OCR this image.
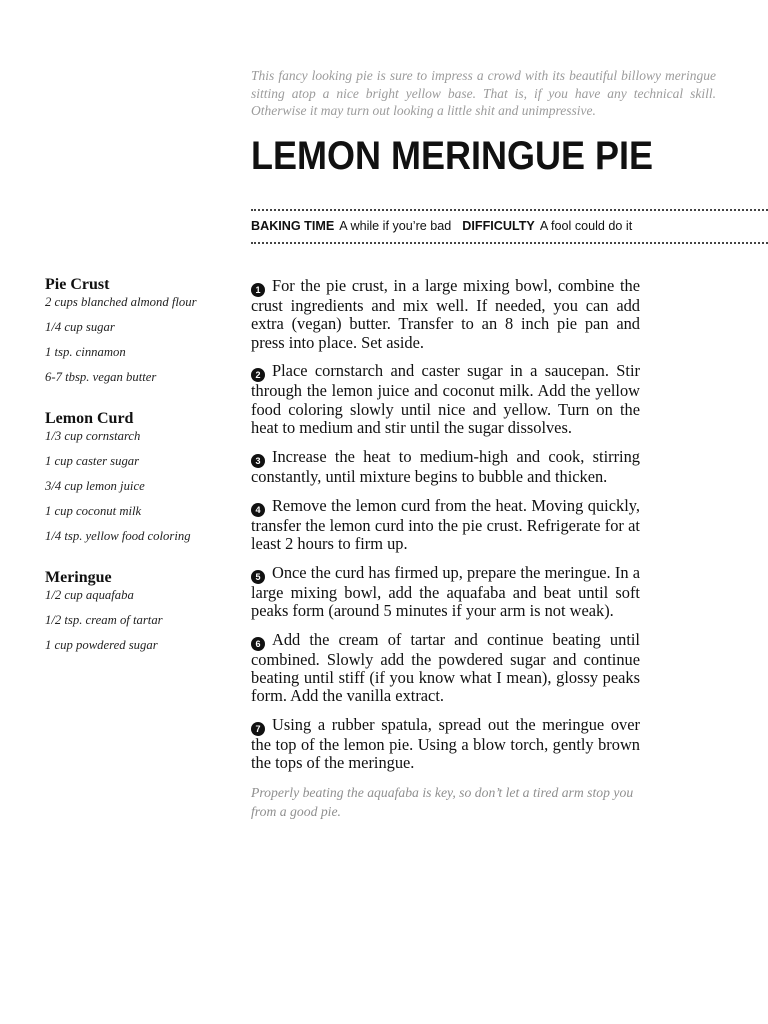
This fancy looking pie is sure to impress a crowd with its beautiful billowy meringue sitting atop a nice bright yellow base. That is, if you have any technical skill. Otherwise it may turn out looking a little shit and unimpressive.

LEMON MERINGUE PIE
BAKING TIME A while if you’re bad DIFFICULTY A fool could do it
Pie Crust
2 cups blanched almond flour
1/4 cup sugar
1 tsp. cinnamon
6-7 tbsp. vegan butter
Lemon Curd
1/3 cup cornstarch
1 cup caster sugar
3/4 cup lemon juice
1 cup coconut milk
1/4 tsp. yellow food coloring
Meringue
1/2 cup aquafaba
1/2 tsp. cream of tartar
1 cup powdered sugar

1 For the pie crust, in a large mixing bowl, combine the crust ingredients and mix well. If needed, you can add extra (vegan) butter. Transfer to an 8 inch pie pan and press into place. Set aside.

2 Place cornstarch and caster sugar in a saucepan. Stir through the lemon juice and coconut milk. Add the yellow food coloring slowly until nice and yellow. Turn on the heat to medium and stir until the sugar dissolves.

3 Increase the heat to medium-high and cook, stirring constantly, until mixture begins to bubble and thicken.

4 Remove the lemon curd from the heat. Moving quickly, transfer the lemon curd into the pie crust. Refrigerate for at least 2 hours to firm up.

5 Once the curd has firmed up, prepare the meringue. In a large mixing bowl, add the aquafaba and beat until soft peaks form (around 5 minutes if your arm is not weak).

6 Add the cream of tartar and continue beating until combined. Slowly add the powdered sugar and continue beating until stiff (if you know what I mean), glossy peaks form. Add the vanilla extract.

7 Using a rubber spatula, spread out the meringue over the top of the lemon pie. Using a blow torch, gently brown the tops of the meringue.

Properly beating the aquafaba is key, so don’t let a tired arm stop you from a good pie.
